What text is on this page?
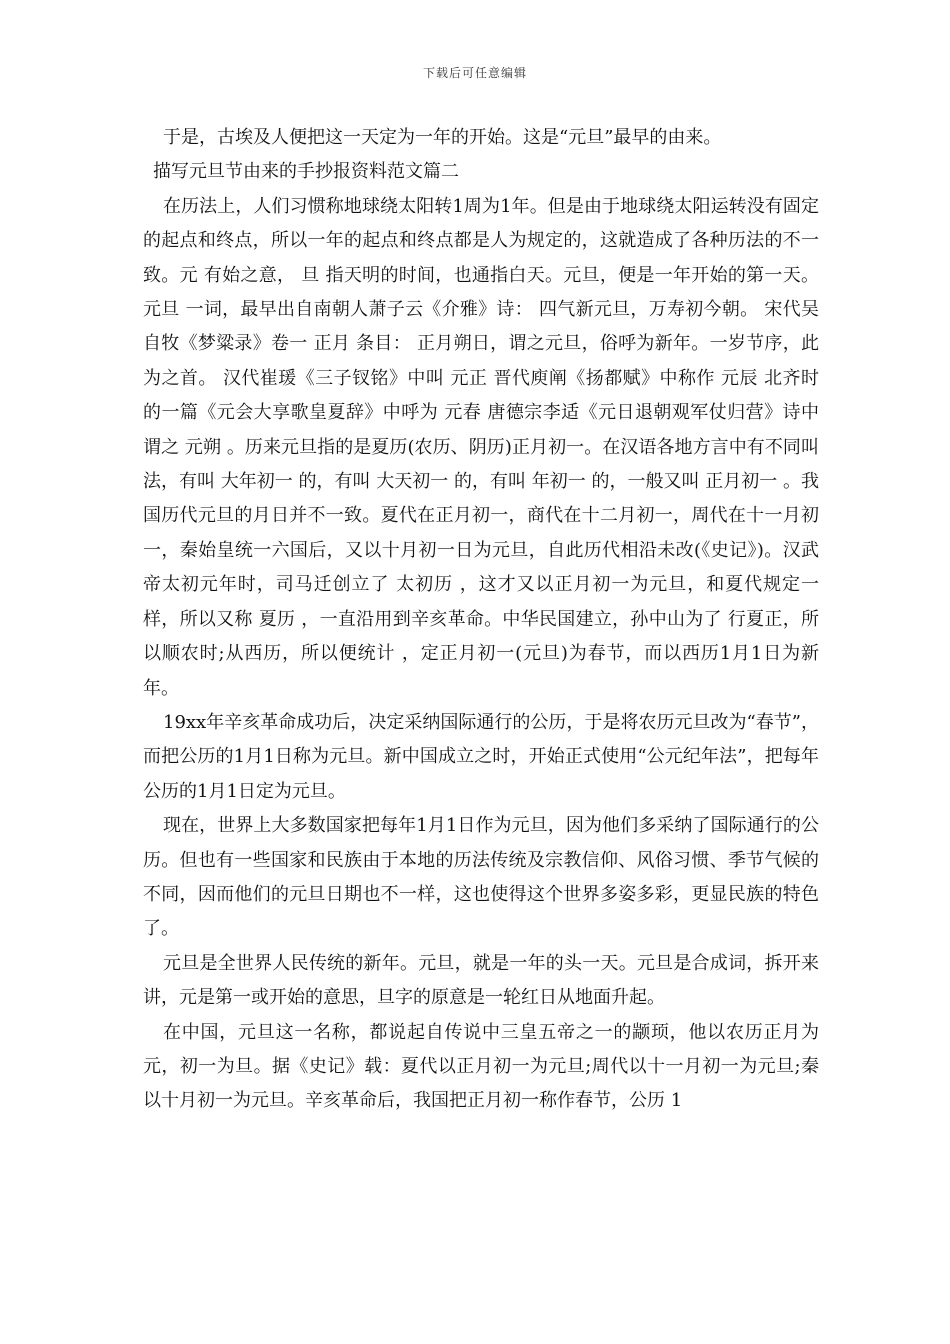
下载后可任意编辑

于是，古埃及人便把这一天定为一年的开始。这是“元旦”最早的由来。

描写元旦节由来的手抄报资料范文篇二

在历法上，人们习惯称地球绕太阳转1周为1年。但是由于地球绕太阳运转没有固定的起点和终点，所以一年的起点和终点都是人为规定的，这就造成了各种历法的不一致。元 有始之意， 旦 指天明的时间，也通指白天。元旦，便是一年开始的第一天。 元旦 一词，最早出自南朝人萧子云《介雅》诗： 四气新元旦，万寿初今朝。 宋代吴自牧《梦粱录》卷一 正月 条目： 正月朔日，谓之元旦，俗呼为新年。一岁节序，此为之首。 汉代崔瑗《三子钗铭》中叫 元正 晋代庾阐《扬都赋》中称作 元辰 北齐时的一篇《元会大享歌皇夏辞》中呼为 元春 唐德宗李适《元日退朝观军仗归营》诗中谓之 元朔 。历来元旦指的是夏历(农历、阴历)正月初一。在汉语各地方言中有不同叫法，有叫 大年初一 的，有叫 大天初一 的，有叫 年初一 的，一般又叫 正月初一 。我国历代元旦的月日并不一致。夏代在正月初一，商代在十二月初一，周代在十一月初一，秦始皇统一六国后，又以十月初一日为元旦，自此历代相沿未改(《史记》)。汉武帝太初元年时，司马迁创立了 太初历 ，这才又以正月初一为元旦，和夏代规定一样，所以又称 夏历 ，一直沿用到辛亥革命。中华民国建立，孙中山为了 行夏正，所以顺农时;从西历，所以便统计 ，定正月初一(元旦)为春节，而以西历1月1日为新年。

19xx年辛亥革命成功后，决定采纳国际通行的公历，于是将农历元旦改为“春节”，而把公历的1月1日称为元旦。新中国成立之时，开始正式使用“公元纪年法”，把每年公历的1月1日定为元旦。

现在，世界上大多数国家把每年1月1日作为元旦，因为他们多采纳了国际通行的公历。但也有一些国家和民族由于本地的历法传统及宗教信仰、风俗习惯、季节气候的不同，因而他们的元旦日期也不一样，这也使得这个世界多姿多彩，更显民族的特色了。

元旦是全世界人民传统的新年。元旦，就是一年的头一天。元旦是合成词，拆开来讲，元是第一或开始的意思，旦字的原意是一轮红日从地面升起。

在中国，元旦这一名称，都说起自传说中三皇五帝之一的颛顼，他以农历正月为元，初一为旦。据《史记》载：夏代以正月初一为元旦;周代以十一月初一为元旦;秦以十月初一为元旦。辛亥革命后，我国把正月初一称作春节，公历 1
